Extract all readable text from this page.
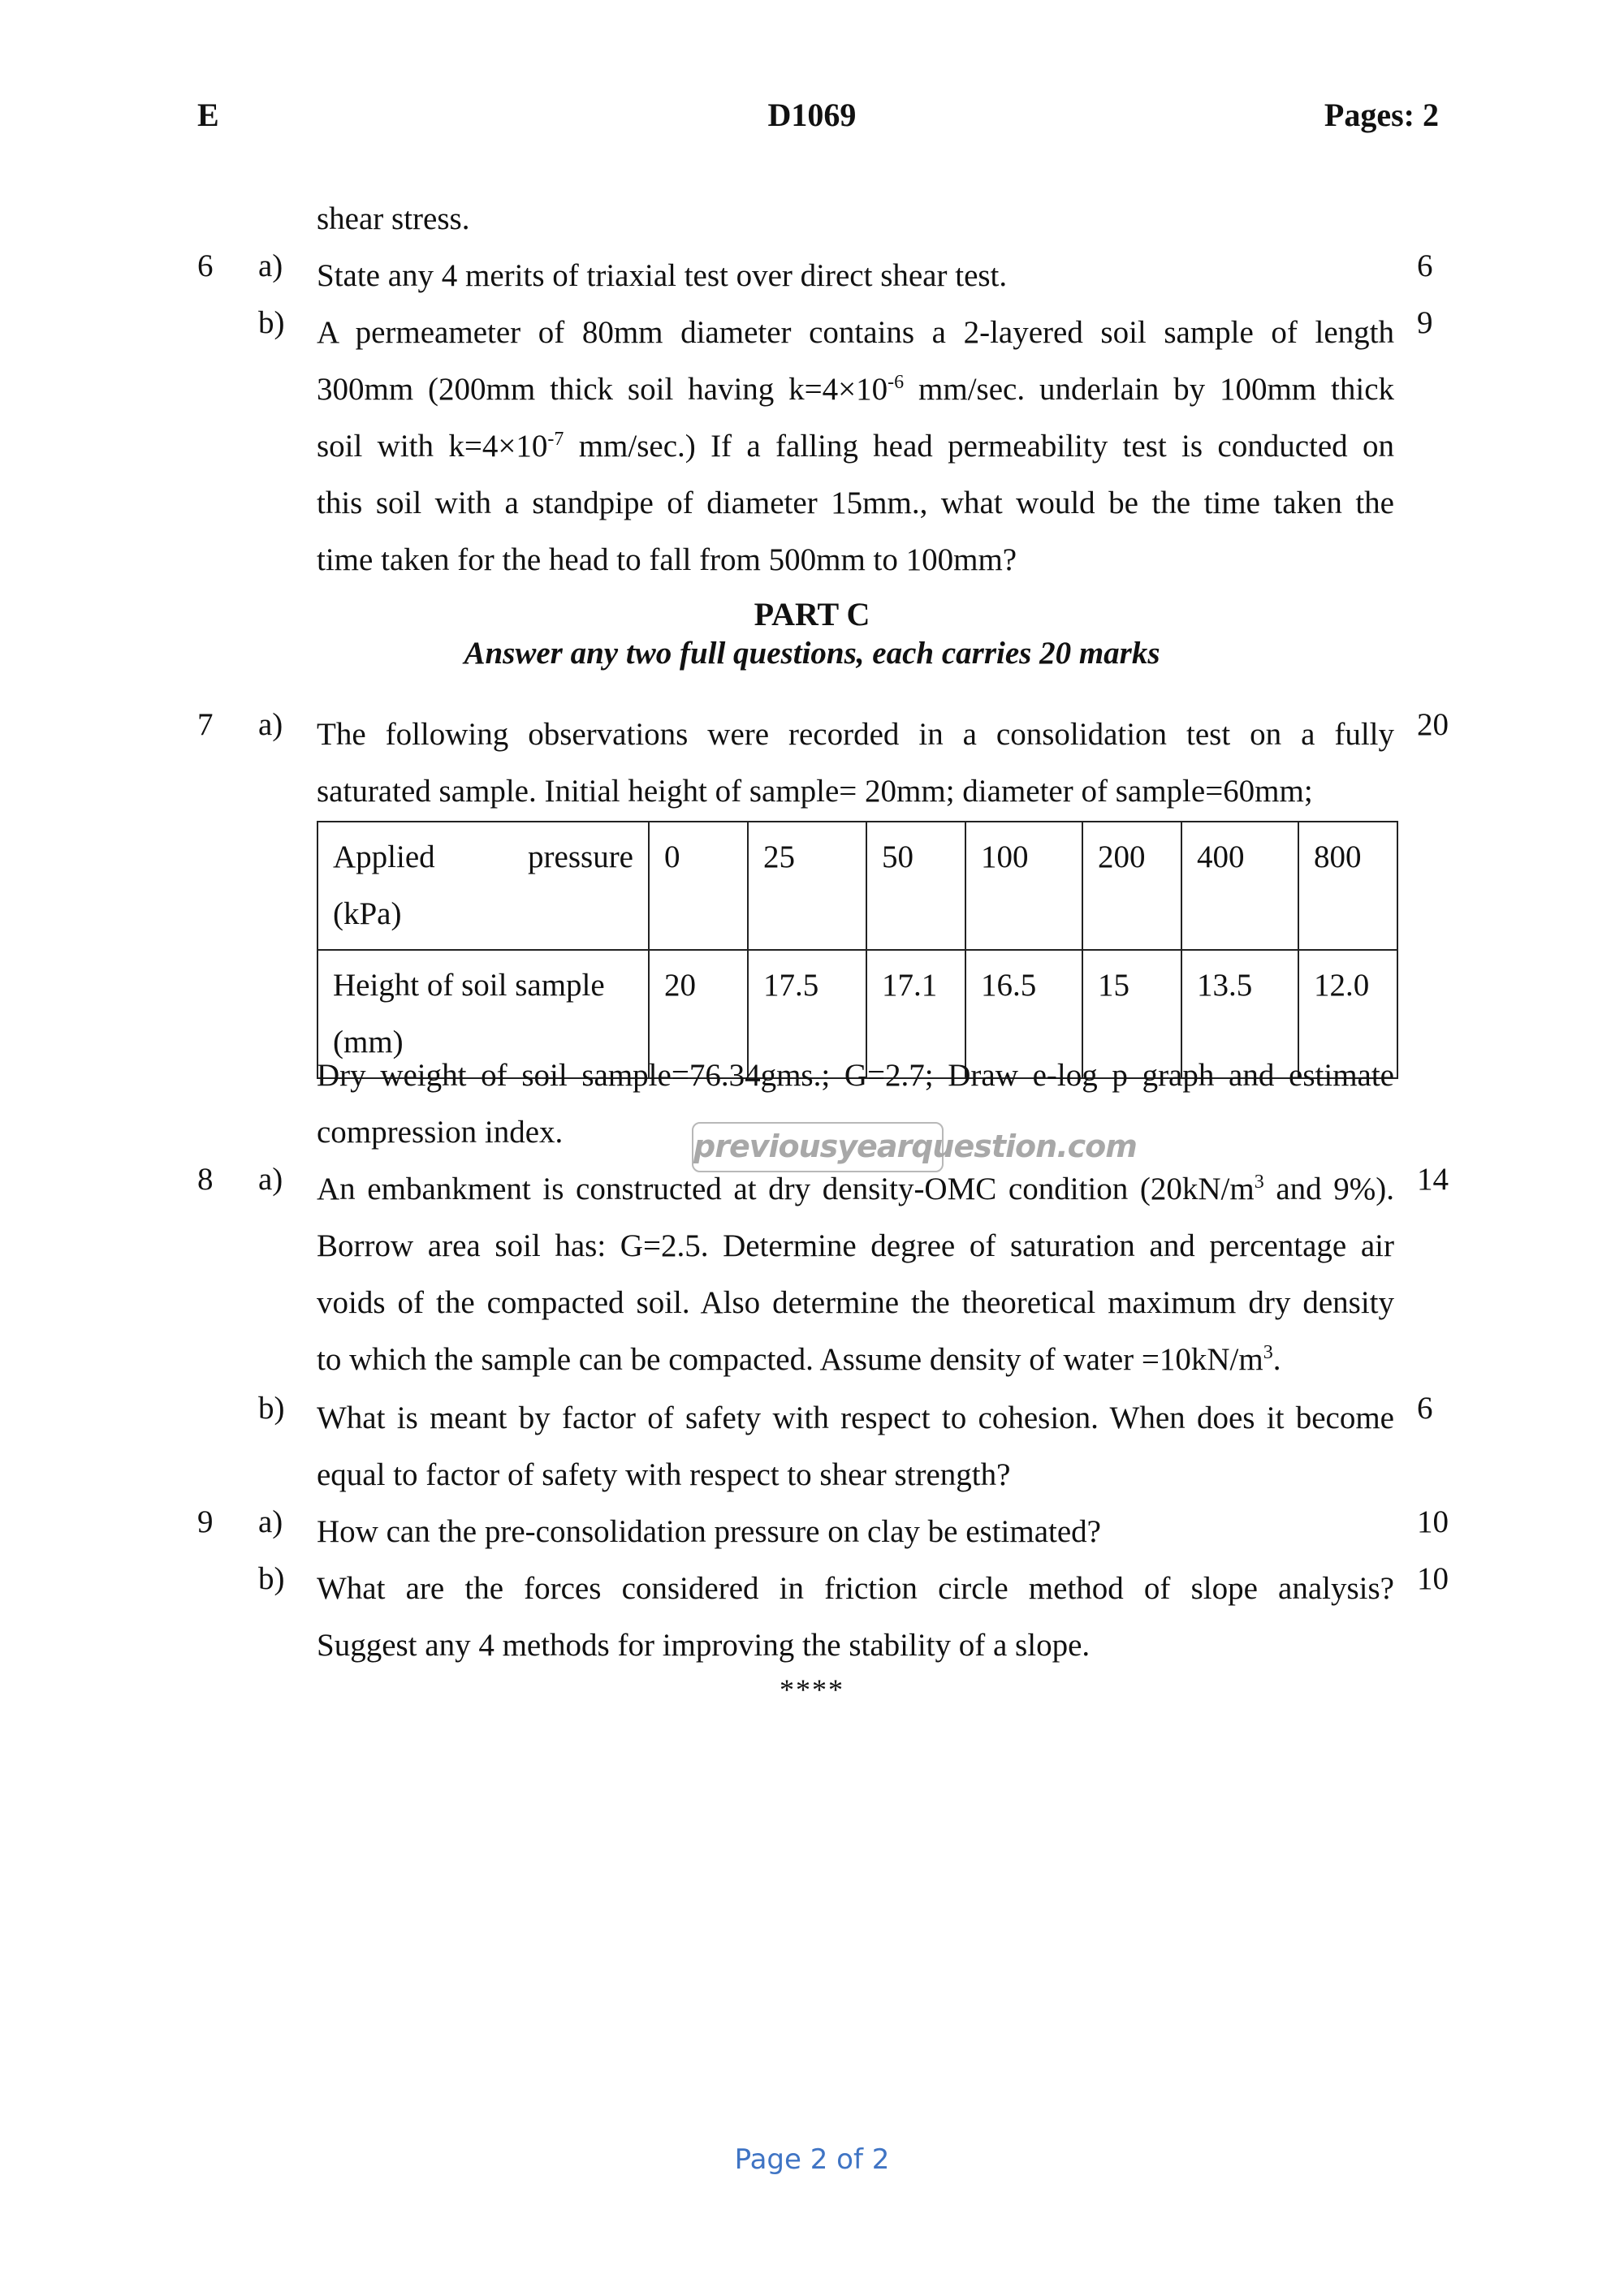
E	D1069	Pages: 2
shear stress.
6	a)	State any 4 merits of triaxial test over direct shear test.	6
b)	A permeameter of 80mm diameter contains a 2-layered soil sample of length
300mm (200mm thick soil having $k=4\times 10^{-6}$ mm/sec. underlain by 100mm thick
soil with $k=4\times 10^{-7}$ mm/sec.) If a falling head permeability test is conducted on
this soil with a standpipe of diameter 15mm., what would be the time taken the
time taken for the head to fall from 500mm to 100mm?
9
PART C
Answer any two full questions, each carries 20 marks
7	a)	The following observations were recorded in a consolidation test on a fully
saturated sample. Initial height of sample= 20mm; diameter of sample=60mm;
20
Applied pressure
(kPa)	0	25	50	100	200	400	800

Height of soil sample
(mm)	20	17.5	17.1	16.5	15	13.5	12.0
Dry weight of soil sample=76.34gms.; G=2.7; Draw e-log p graph and estimate
compression index.	previousyearquestion.com
8	a)	An embankment is constructed at dry density-OMC condition ($20kN/m^3$ and 9%).
Borrow area soil has: G=2.5. Determine degree of saturation and percentage air
voids of the compacted soil. Also determine the theoretical maximum dry density
to which the sample can be compacted. Assume density of water $=10kN/m^3$.
14
b)	What is meant by factor of safety with respect to cohesion. When does it become
equal to factor of safety with respect to shear strength?
6
9	a)	How can the pre-consolidation pressure on clay be estimated?	10
b)	What are the forces considered in friction circle method of slope analysis?
Suggest any 4 methods for improving the stability of a slope.
10
****
Page 2 of 2
